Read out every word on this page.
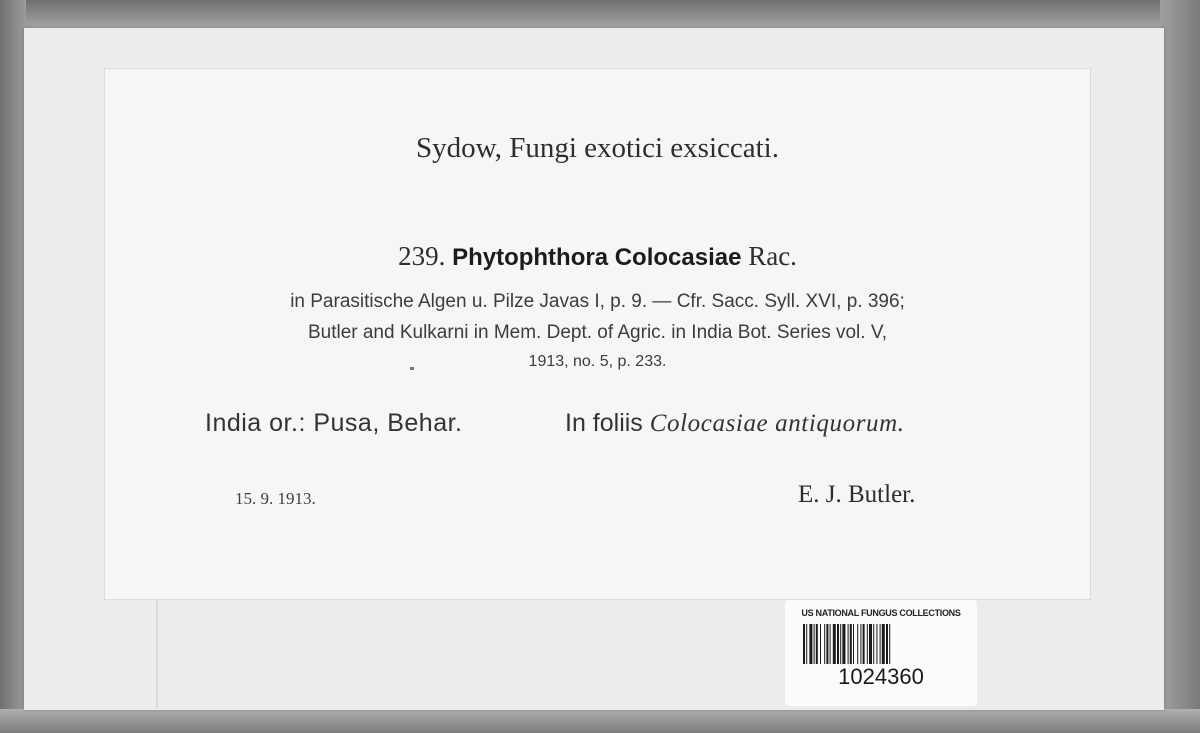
Sydow, Fungi exotici exsiccati.
239. Phytophthora Colocasiae Rac.
in Parasitische Algen u. Pilze Javas I, p. 9. — Cfr. Sacc. Syll. XVI, p. 396;
Butler and Kulkarni in Mem. Dept. of Agric. in India Bot. Series vol. V,
1913, no. 5, p. 233.
India or.: Pusa, Behar.	In foliis Colocasiae antiquorum.
15. 9. 1913.	E. J. Butler.
US NATIONAL FUNGUS COLLECTIONS
1024360
